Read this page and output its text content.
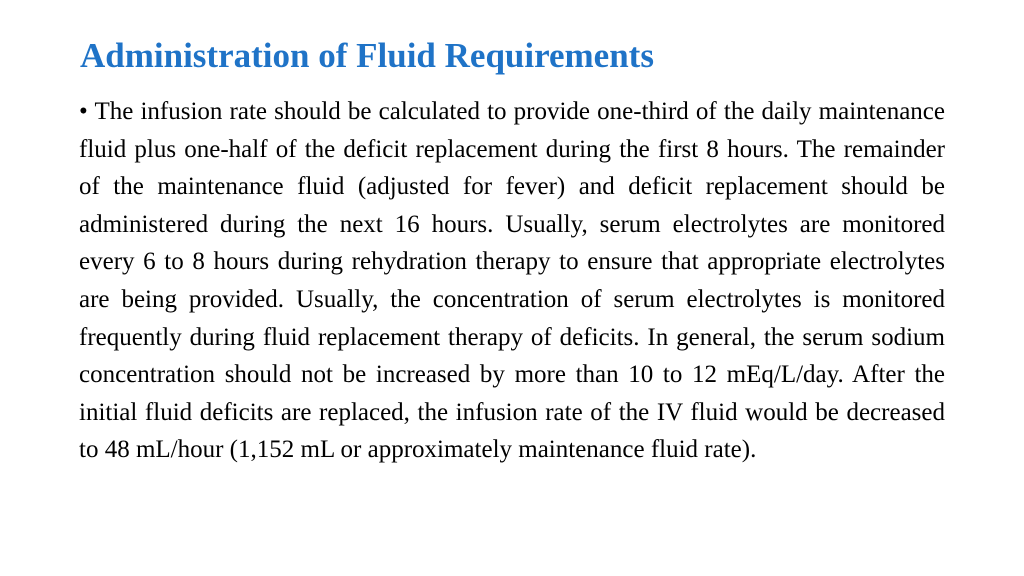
Administration of Fluid Requirements

• The infusion rate should be calculated to provide one-third of the daily maintenance fluid plus one-half of the deficit replacement during the first 8 hours. The remainder of the maintenance fluid (adjusted for fever) and deficit replacement should be administered during the next 16 hours. Usually, serum electrolytes are monitored every 6 to 8 hours during rehydration therapy to ensure that appropriate electrolytes are being provided. Usually, the concentration of serum electrolytes is monitored frequently during fluid replacement therapy of deficits. In general, the serum sodium concentration should not be increased by more than 10 to 12 mEq/L/day. After the initial fluid deficits are replaced, the infusion rate of the IV fluid would be decreased to 48 mL/hour (1,152 mL or approximately maintenance fluid rate).
